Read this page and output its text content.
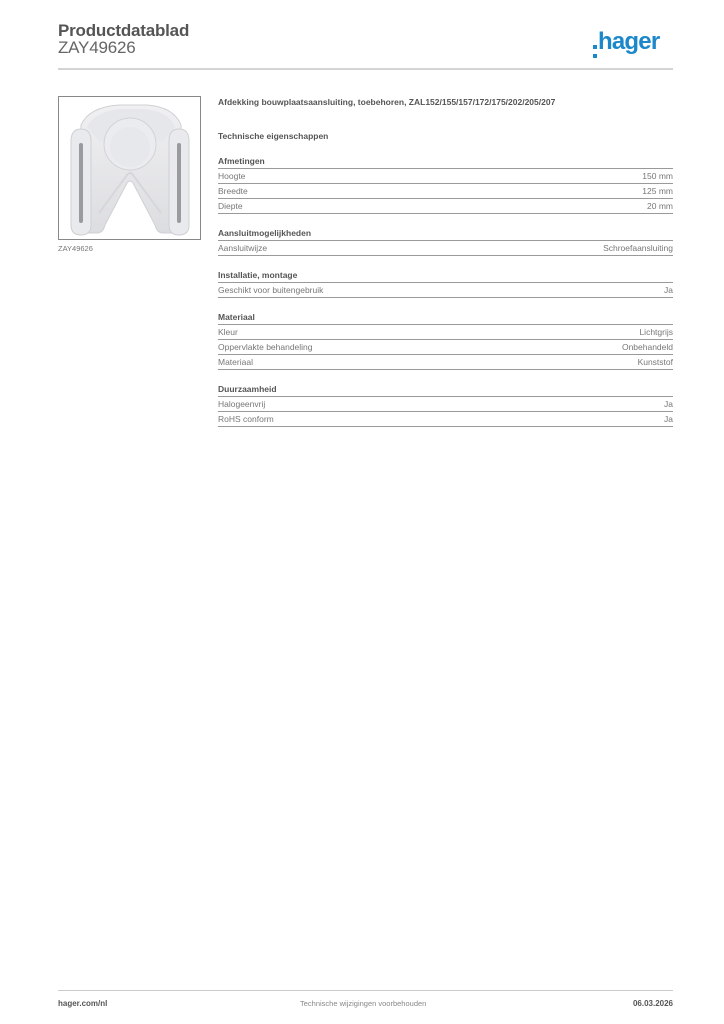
Productdatablad
ZAY49626	hager
ZAY49626
Afdekking bouwplaatsaansluiting, toebehoren, ZAL152/155/157/172/175/202/205/207
Technische eigenschappen
Afmetingen
Hoogte	150 mm
Breedte	125 mm
Diepte	20 mm
Aansluitmogelijkheden
Aansluitwijze	Schroefaansluiting
Installatie, montage
Geschikt voor buitengebruik	Ja
Materiaal
Kleur	Lichtgrijs
Oppervlakte behandeling	Onbehandeld
Materiaal	Kunststof
Duurzaamheid
Halogeenvrij	Ja
RoHS conform	Ja
hager.com/nl	Technische wijzigingen voorbehouden	06.03.2026
